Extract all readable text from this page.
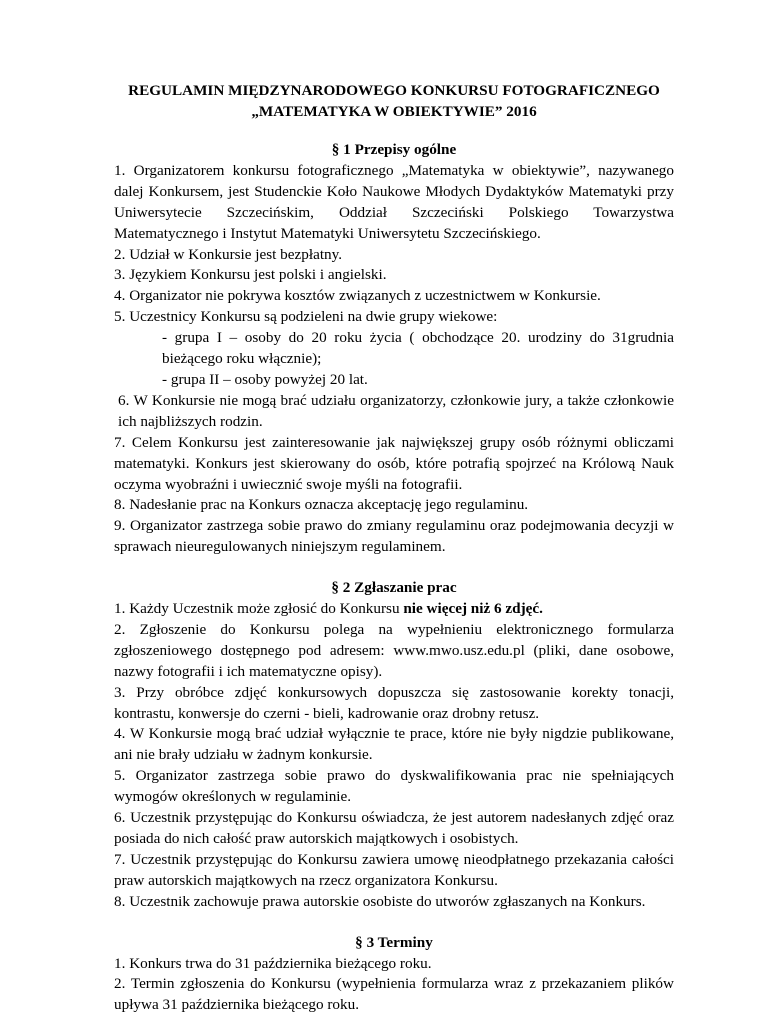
REGULAMIN MIĘDZYNARODOWEGO KONKURSU FOTOGRAFICZNEGO
„MATEMATYKA W OBIEKTYWIE” 2016
§ 1 Przepisy ogólne

1. Organizatorem konkursu fotograficznego „Matematyka w obiektywie”, nazywanego dalej Konkursem, jest Studenckie Koło Naukowe Młodych Dydaktyków Matematyki przy Uniwersytecie Szczecińskim, Oddział Szczeciński Polskiego Towarzystwa Matematycznego i Instytut Matematyki Uniwersytetu Szczecińskiego.

2. Udział w Konkursie jest bezpłatny.

3. Językiem Konkursu jest polski i angielski.

4. Organizator nie pokrywa kosztów związanych z uczestnictwem w Konkursie.

5. Uczestnicy Konkursu są podzieleni na dwie grupy wiekowe:

- grupa I – osoby do 20 roku życia ( obchodzące 20. urodziny do 31grudnia bieżącego roku włącznie);

- grupa II – osoby powyżej 20 lat.

6. W Konkursie nie mogą brać udziału organizatorzy, członkowie jury, a także członkowie ich najbliższych rodzin.

7. Celem Konkursu jest zainteresowanie jak największej grupy osób różnymi obliczami matematyki. Konkurs jest skierowany do osób, które potrafią spojrzeć na Królową Nauk oczyma wyobraźni i uwiecznić swoje myśli na fotografii.

8. Nadesłanie prac na Konkurs oznacza akceptację jego regulaminu.

9. Organizator zastrzega sobie prawo do zmiany regulaminu oraz podejmowania decyzji w sprawach nieuregulowanych niniejszym regulaminem.

§ 2 Zgłaszanie prac

1. Każdy Uczestnik może zgłosić do Konkursu nie więcej niż 6 zdjęć.

2. Zgłoszenie do Konkursu polega na wypełnieniu elektronicznego formularza zgłoszeniowego dostępnego pod adresem: www.mwo.usz.edu.pl (pliki, dane osobowe, nazwy fotografii i ich matematyczne opisy).

3. Przy obróbce zdjęć konkursowych dopuszcza się zastosowanie korekty tonacji, kontrastu, konwersje do czerni - bieli, kadrowanie oraz drobny retusz.

4. W Konkursie mogą brać udział wyłącznie te prace, które nie były nigdzie publikowane, ani nie brały udziału w żadnym konkursie.

5. Organizator zastrzega sobie prawo do dyskwalifikowania prac nie spełniających wymogów określonych w regulaminie.

6. Uczestnik przystępując do Konkursu oświadcza, że jest autorem nadesłanych zdjęć oraz posiada do nich całość praw autorskich majątkowych i osobistych.

7. Uczestnik przystępując do Konkursu zawiera umowę nieodpłatnego przekazania całości praw autorskich majątkowych na rzecz organizatora Konkursu.

8. Uczestnik zachowuje prawa autorskie osobiste do utworów zgłaszanych na Konkurs.

§ 3 Terminy

1. Konkurs trwa do 31 października bieżącego roku.

2. Termin zgłoszenia do Konkursu (wypełnienia formularza wraz z przekazaniem plików upływa 31 października bieżącego roku.
